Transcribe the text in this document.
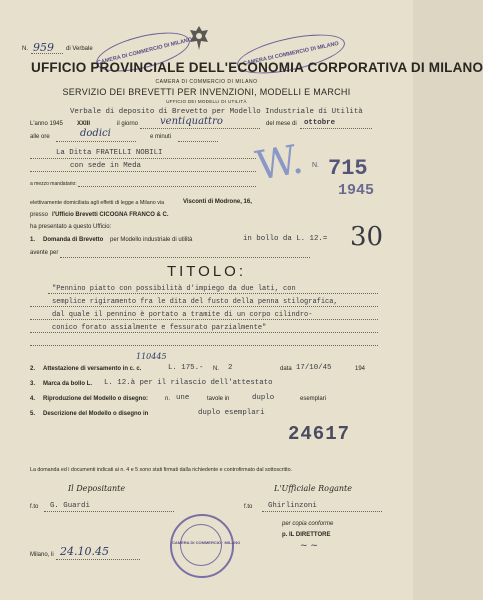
N. 959 di Verbale CAMERA DI COMMERCIO DI MILANO	CAMERA DI COMMERCIO DI MILANO
UFFICIO PROVINCIALE DELL'ECONOMIA CORPORATIVA DI MILANO
CAMERA DI COMMERCIO DI MILANO
SERVIZIO DEI BREVETTI PER INVENZIONI, MODELLI E MARCHI
UFFICIO DEI MODELLI DI UTILITÀ
Verbale di deposito di Brevetto per Modello Industriale di Utilità
L'anno 1945 XXIII	il giorno ventiquattro	del mese di ottobre
alle ore	dodici	e minuti
La Ditta FRATELLI NOBILI
con sede in Meda
a mezzo mandatario:	W. N. 715
1945
elettivamente domiciliata agli effetti di legge a Milano via	Visconti di Modrone, 16,
presso l'Ufficio Brevetti CICOGNA FRANCO & C.
ha presentato a questo Ufficio:
1. Domanda di Brevetto per Modello industriale di utilità	in bollo da L. 12.= 30
avente per
TITOLO:
"Pennino piatto con possibilità d'impiego da due lati, con
semplice rigiramento fra le dita del fusto della penna stilografica,
dal quale il pennino è portato a tramite di un corpo cilindro-
conico forato assialmente e fessurato parzialmente"
110445
2. Attestazione di versamento in c. c.	L. 175.- N. 2	data 17/10/45	194
3. Marca da bollo L. L. 12.à per il rilascio dell'attestato
4. Riproduzione del Modello o disegno:	n. une	tavole in	duplo	esemplari
5. Descrizione del Modello o disegno in	duplo esemplari
24617
La domanda ed i documenti indicati ai n. 4 e 5 sono stati firmati dalla richiedente e controfirmato dal sottoscritto.
Il Depositante	L'Ufficiale Rogante
f.to G. Guardi	f.to Ghirlinzoni
CAMERA DI COMMERCIO · MILANO
per copia conforme
p. IL DIRETTORE
~ ~
Milano, li 24.10.45
